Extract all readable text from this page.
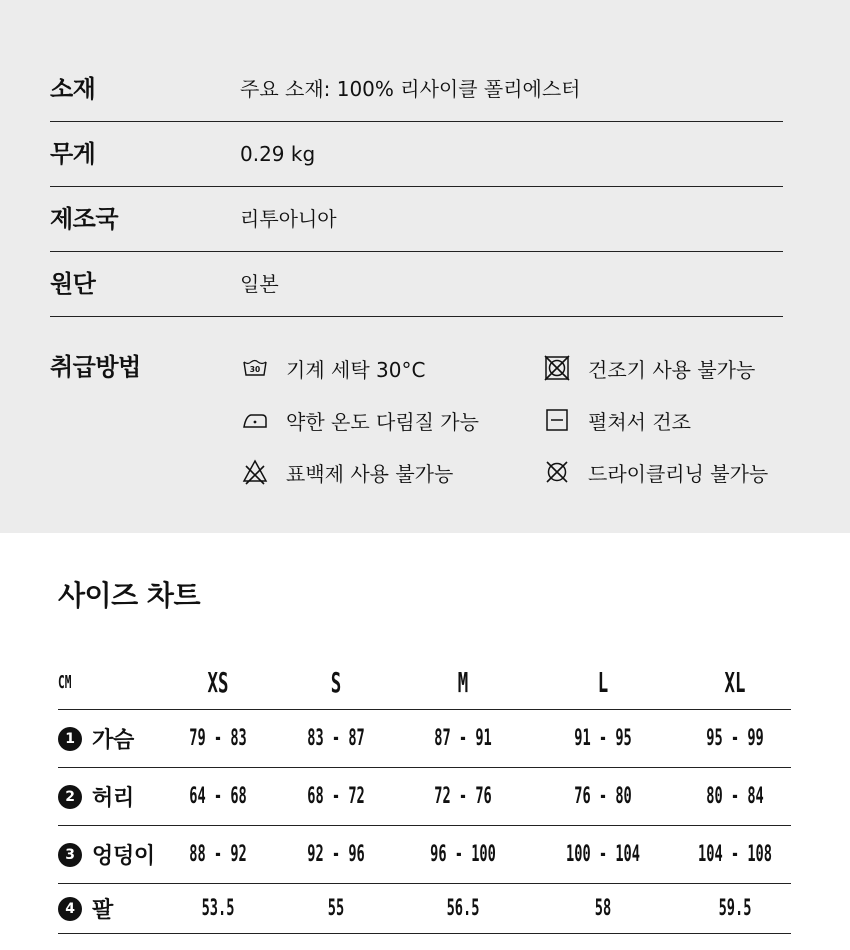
소재	주요 소재: 100% 리사이클 폴리에스터
무게	0.29 kg
제조국	리투아니아
원단	일본
취급방법	30 기계 세탁 30°C	건조기 사용 불가능
약한 온도 다림질 가능	펼쳐서 건조
표백제 사용 불가능	드라이클리닝 불가능
사이즈 차트
CM	XS	S	M	L	XL
1 가슴	79 - 83	83 - 87	87 - 91	91 - 95	95 - 99
2 허리	64 - 68	68 - 72	72 - 76	76 - 80	80 - 84
3 엉덩이 88 - 92	92 - 96	96 - 100	100 - 104	104 - 108
4 팔	53.5	55	56.5	58	59.5
